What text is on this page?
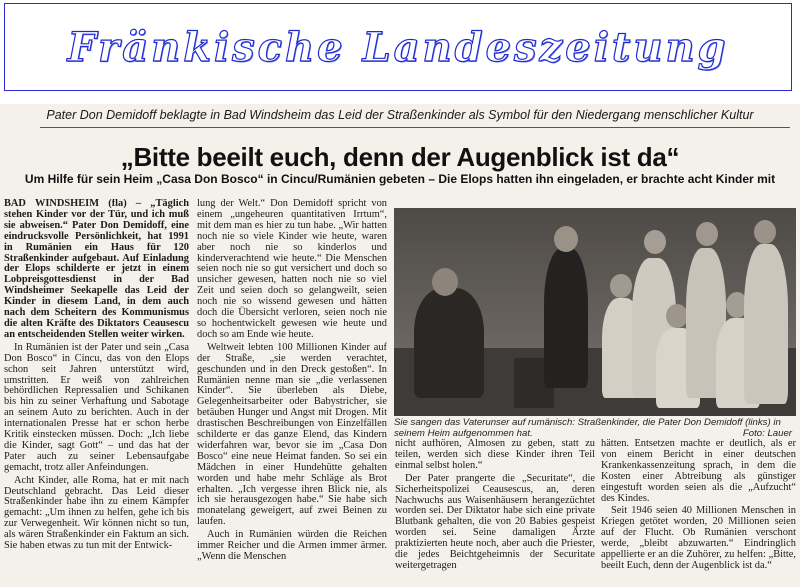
Fränkische Landeszeitung
Pater Don Demidoff beklagte in Bad Windsheim das Leid der Straßenkinder als Symbol für den Niedergang menschlicher Kultur
„Bitte beeilt euch, denn der Augenblick ist da“
Um Hilfe für sein Heim „Casa Don Bosco“ in Cincu/Rumänien gebeten – Die Elops hatten ihn eingeladen, er brachte acht Kinder mit

BAD WINDSHEIM (fla) – „Täglich stehen Kinder vor der Tür, und ich muß sie abweisen.“ Pater Don Demidoff, eine eindrucksvolle Persönlichkeit, hat 1991 in Rumänien ein Haus für 120 Straßenkinder aufgebaut. Auf Einladung der Elops schilderte er jetzt in einem Lobpreisgottesdienst in der Bad Windsheimer Seekapelle das Leid der Kinder in diesem Land, in dem auch nach dem Scheitern des Kommunismus die alten Kräfte des Diktators Ceausescu an entscheidenden Stellen weiter wirken.

In Rumänien ist der Pater und sein „Casa Don Bosco“ in Cincu, das von den Elops schon seit Jahren unterstützt wird, umstritten. Er weiß von zahlreichen behördlichen Repressalien und Schikanen bis hin zu seiner Verhaftung und Sabotage an seinem Auto zu berichten. Auch in der internationalen Presse hat er schon herbe Kritik einstecken müssen. Doch: „Ich liebe die Kinder, sagt Gott“ – und das hat der Pater auch zu seiner Lebensaufgabe gemacht, trotz aller Anfeindungen.

Acht Kinder, alle Roma, hat er mit nach Deutschland gebracht. Das Leid dieser Straßenkinder habe ihn zu einem Kämpfer gemacht: „Um ihnen zu helfen, gehe ich bis zur Verwegenheit. Wir können nicht so tun, als wären Straßenkinder ein Faktum an sich. Sie haben etwas zu tun mit der Entwick-

lung der Welt.“ Don Demidoff spricht von einem „ungeheuren quantitativen Irrtum“, mit dem man es hier zu tun habe. „Wir hatten noch nie so viele Kinder wie heute, waren aber noch nie so kinderlos und kinderverachtend wie heute.“ Die Menschen seien noch nie so gut versichert und doch so unsicher gewesen, hatten noch nie so viel Zeit und seien doch so gelangweilt, seien noch nie so wissend gewesen und hätten doch die Übersicht verloren, seien noch nie so hochentwickelt gewesen wie heute und doch so am Ende wie heute.

Weltweit lebten 100 Millionen Kinder auf der Straße, „sie werden verachtet, geschunden und in den Dreck gestoßen“. In Rumänien nenne man sie „die verlassenen Kinder“. Sie überleben als Diebe, Gelegenheitsarbeiter oder Babystricher, sie betäuben Hunger und Angst mit Drogen. Mit drastischen Beschreibungen von Einzelfällen schilderte er das ganze Elend, das Kindern widerfahren war, bevor sie im „Casa Don Bosco“ eine neue Heimat fanden. So sei ein Mädchen in einer Hundehütte gehalten worden und habe mehr Schläge als Brot erhalten. „Ich vergesse ihren Blick nie, als ich sie herausgezogen habe.“ Sie habe sich monatelang geweigert, auf zwei Beinen zu laufen.

Auch in Rumänien würden die Reichen immer Reicher und die Armen immer ärmer. „Wenn die Menschen

Sie sangen das Vaterunser auf rumänisch: Straßenkinder, die Pater Don Demidoff (links) in seinem Heim aufgenommen hat.	Foto: Lauer

nicht aufhören, Almosen zu geben, statt zu teilen, werden sich diese Kinder ihren Teil einmal selbst holen.“

Der Pater prangerte die „Securitate“, die Sicherheitspolizei Ceausescus, an, deren Nachwuchs aus Waisenhäusern herangezüchtet worden sei. Der Diktator habe sich eine private Blutbank gehalten, die von 20 Babies gespeist worden sei. Seine damaligen Ärzte praktizierten heute noch, aber auch die Priester, die jedes Beichtgeheimnis der Securitate weitergetragen

hätten. Entsetzen machte er deutlich, als er von einem Bericht in einer deutschen Krankenkassenzeitung sprach, in dem die Kosten einer Abtreibung als günstiger eingestuft worden seien als die „Aufzucht“ des Kindes.

Seit 1946 seien 40 Millionen Menschen in Kriegen getötet worden, 20 Millionen seien auf der Flucht. Ob Rumänien verschont werde, „bleibt abzuwarten.“ Eindringlich appellierte er an die Zuhörer, zu helfen: „Bitte, beeilt Euch, denn der Augenblick ist da.“
